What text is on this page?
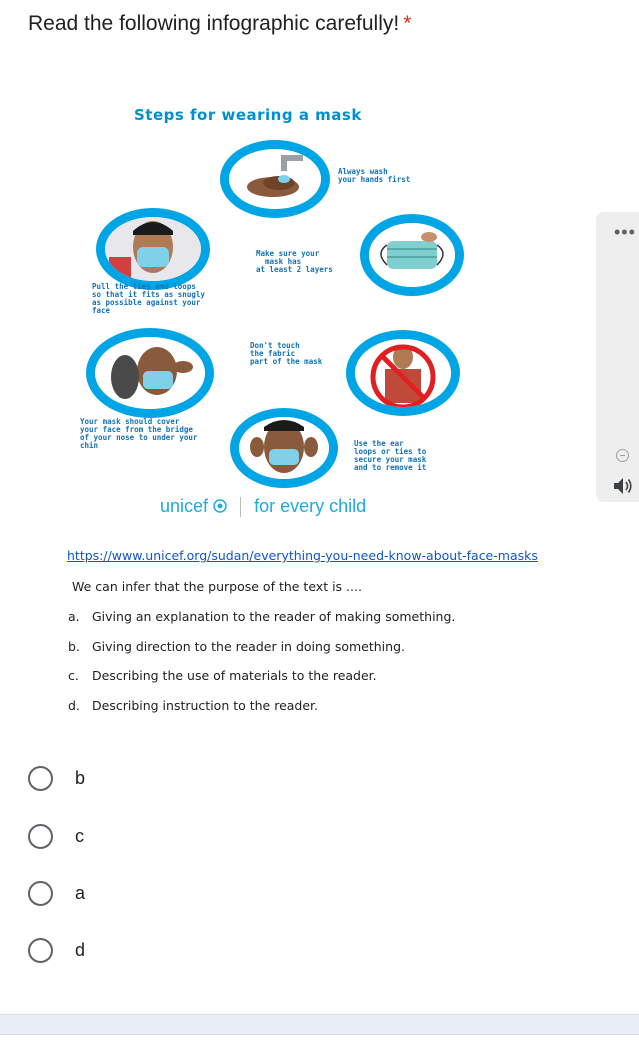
Read the following infographic carefully! *
Steps for wearing a mask
Always wash
your hands first
Make sure your
mask has
at least 2 layers
Pull the ties and loops
so that it fits as snugly
as possible against your
face
Don't touch
the fabric
part of the mask
Your mask should cover
your face from the bridge
of your nose to under your
chin	Use the ear
loops or ties to
secure your mask
and to remove it
unicef	for every child
•••
https://www.unicef.org/sudan/everything-you-need-know-about-face-masks
We can infer that the purpose of the text is ....
a. Giving an explanation to the reader of making something.
b. Giving direction to the reader in doing something.
c. Describing the use of materials to the reader.
d. Describing instruction to the reader.
b
c
a
d
